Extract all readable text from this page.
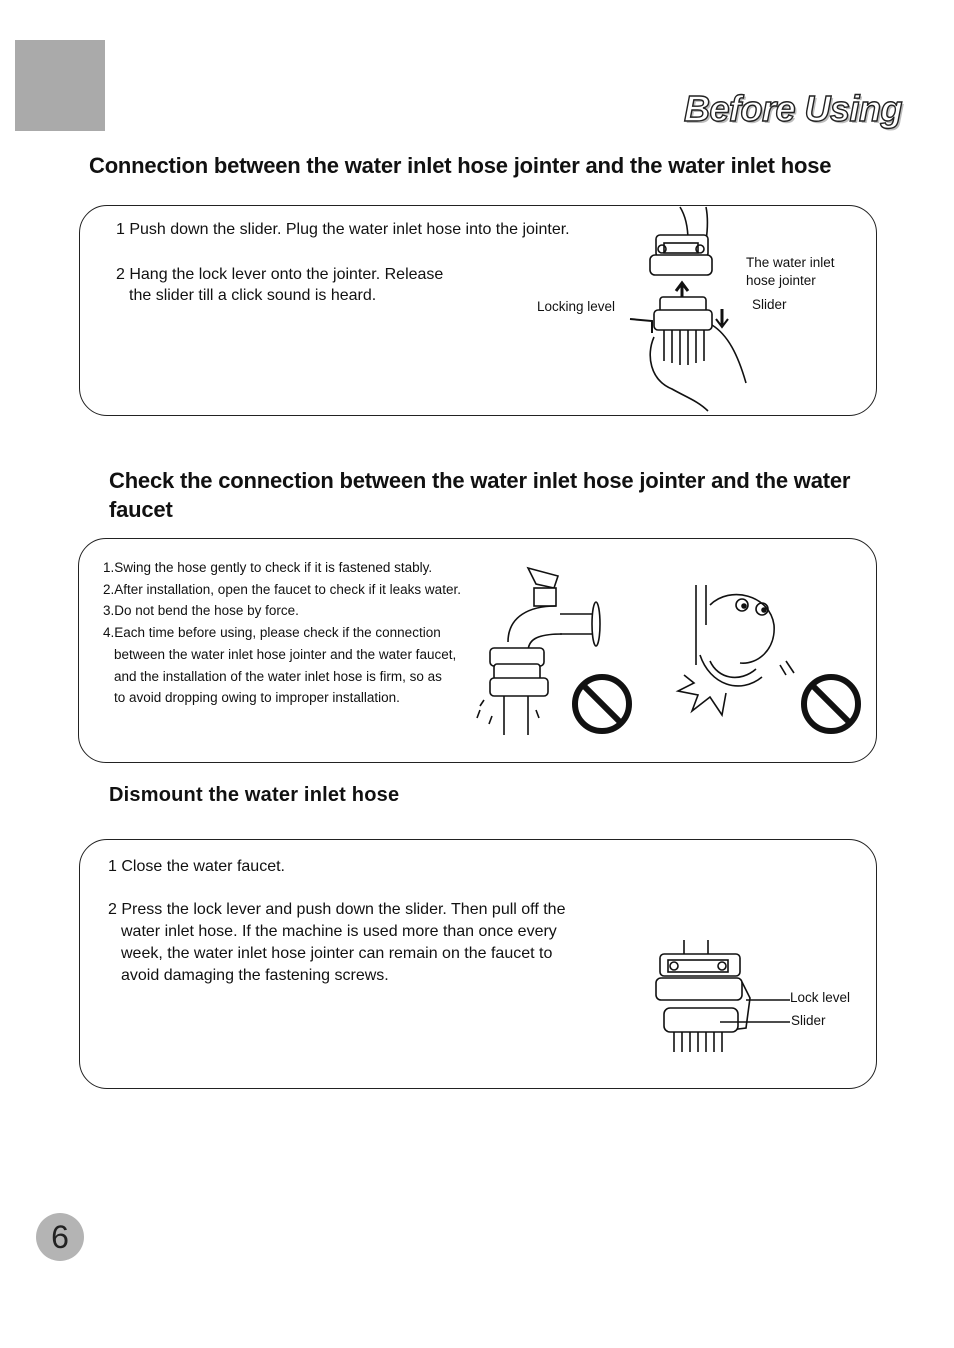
Before Using
Connection between the water inlet hose jointer and the water inlet hose
1 Push down the slider. Plug the water inlet hose into the jointer.
2 Hang the lock lever onto the jointer. Release
the slider till a click sound is heard.
The water inlet
hose jointer
Slider
Locking level
Check the connection between the water inlet hose jointer and the water faucet
1.Swing the hose gently to check if it is fastened stably.
2.After installation, open the faucet to check if it leaks water.
3.Do not bend the hose by force.
4.Each time before using, please check if the connection
between the water inlet hose jointer and the water faucet,
and the installation of the water inlet hose is firm, so as
to avoid dropping owing to improper installation.
Dismount the water inlet hose
1 Close the water faucet.
2 Press the lock lever and push down the slider. Then pull off the
water inlet hose. If the machine is used more than once every
week, the water inlet hose jointer can remain on the faucet to
avoid damaging the fastening screws.
Lock level
Slider
6
